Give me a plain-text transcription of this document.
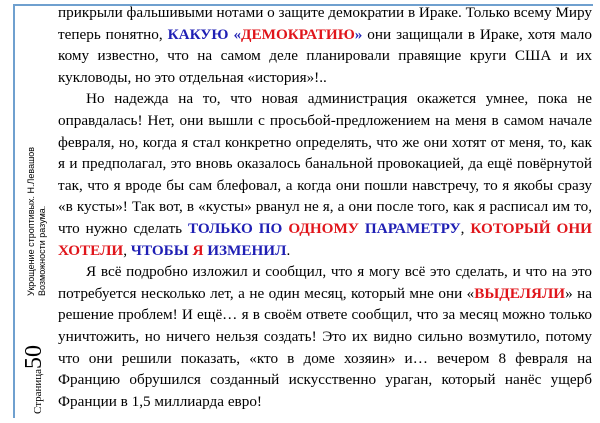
Страница50
Возможности разума.
Укрощение строптивых. Н.Левашов

прикрыли фальшивыми нотами о защите демократии в Ираке. Только всему Миру теперь понятно, КАКУЮ «ДЕМОКРАТИЮ» они защищали в Ираке, хотя мало кому известно, что на самом деле планировали правящие круги США и их кукловоды, но это отдельная «история»!..

Но надежда на то, что новая администрация окажется умнее, пока не оправдалась! Нет, они вышли с просьбой-предложением на меня в самом начале февраля, но, когда я стал конкретно определять, что же они хотят от меня, то, как я и предполагал, это вновь оказалось банальной провокацией, да ещё повёрнутой так, что я вроде бы сам блефовал, а когда они пошли навстречу, то я якобы сразу «в кусты»! Так вот, в «кусты» рванул не я, а они после того, как я расписал им то, что нужно сделать ТОЛЬКО ПО ОДНОМУ ПАРАМЕТРУ, КОТОРЫЙ ОНИ ХОТЕЛИ, ЧТОБЫ Я ИЗМЕНИЛ.

Я всё подробно изложил и сообщил, что я могу всё это сделать, и что на это потребуется несколько лет, а не один месяц, который мне они «ВЫДЕЛЯЛИ» на решение проблем! И ещё… я в своём ответе сообщил, что за месяц можно только уничтожить, но ничего нельзя создать! Это их видно сильно возмутило, потому что они решили показать, «кто в доме хозяин» и… вечером 8 февраля на Францию обрушился созданный искусственно ураган, который нанёс ущерб Франции в 1,5 миллиарда евро!
